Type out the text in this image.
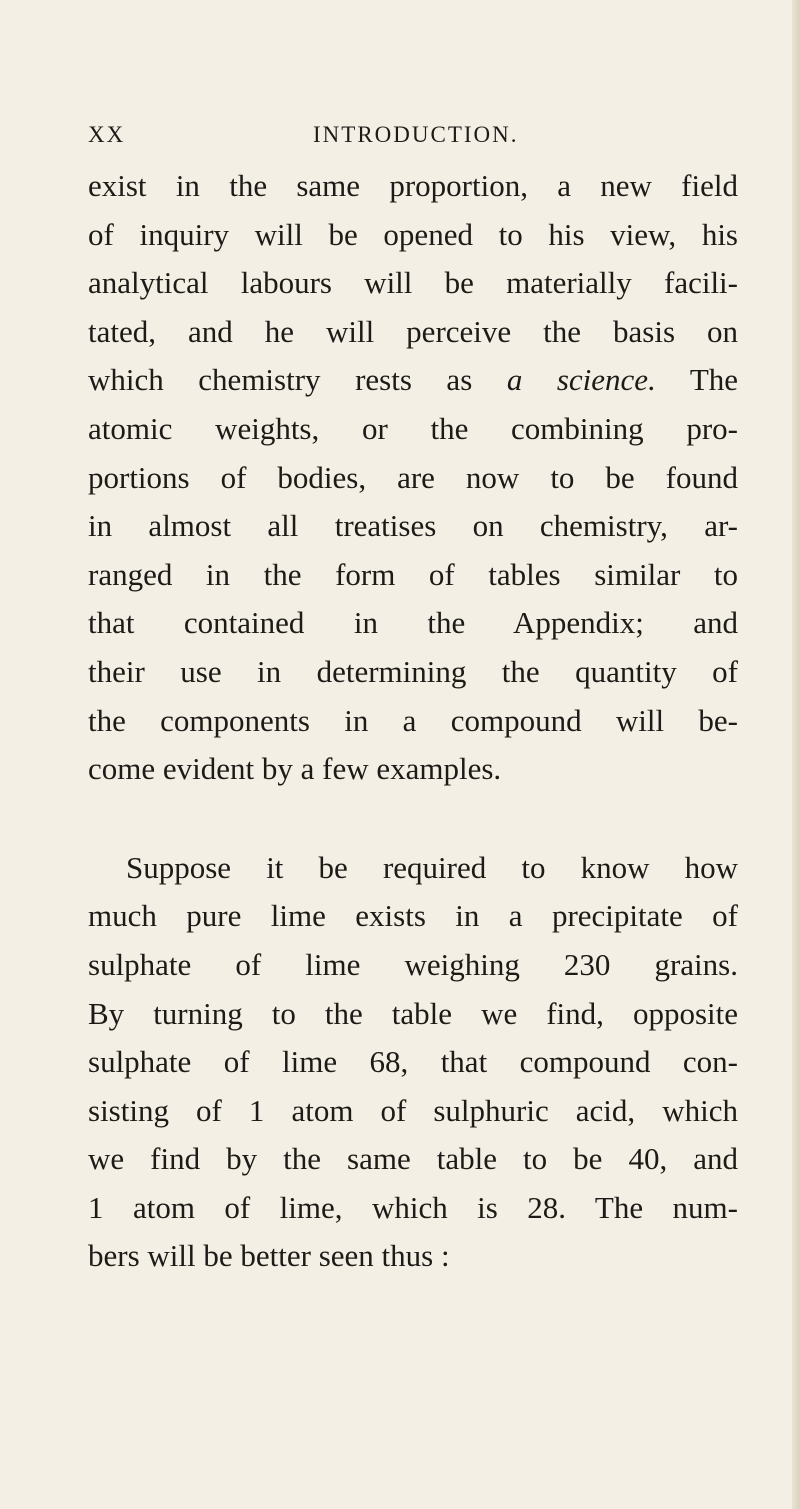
XX	INTRODUCTION.
exist in the same proportion, a new field
of inquiry will be opened to his view, his
analytical labours will be materially facili-
tated, and he will perceive the basis on
which chemistry rests as a science. The
atomic weights, or the combining pro-
portions of bodies, are now to be found
in almost all treatises on chemistry, ar-
ranged in the form of tables similar to
that contained in the Appendix; and
their use in determining the quantity of
the components in a compound will be-
come evident by a few examples.
Suppose it be required to know how
much pure lime exists in a precipitate of
sulphate of lime weighing 230 grains.
By turning to the table we find, opposite
sulphate of lime 68, that compound con-
sisting of 1 atom of sulphuric acid, which
we find by the same table to be 40, and
1 atom of lime, which is 28. The num-
bers will be better seen thus :
